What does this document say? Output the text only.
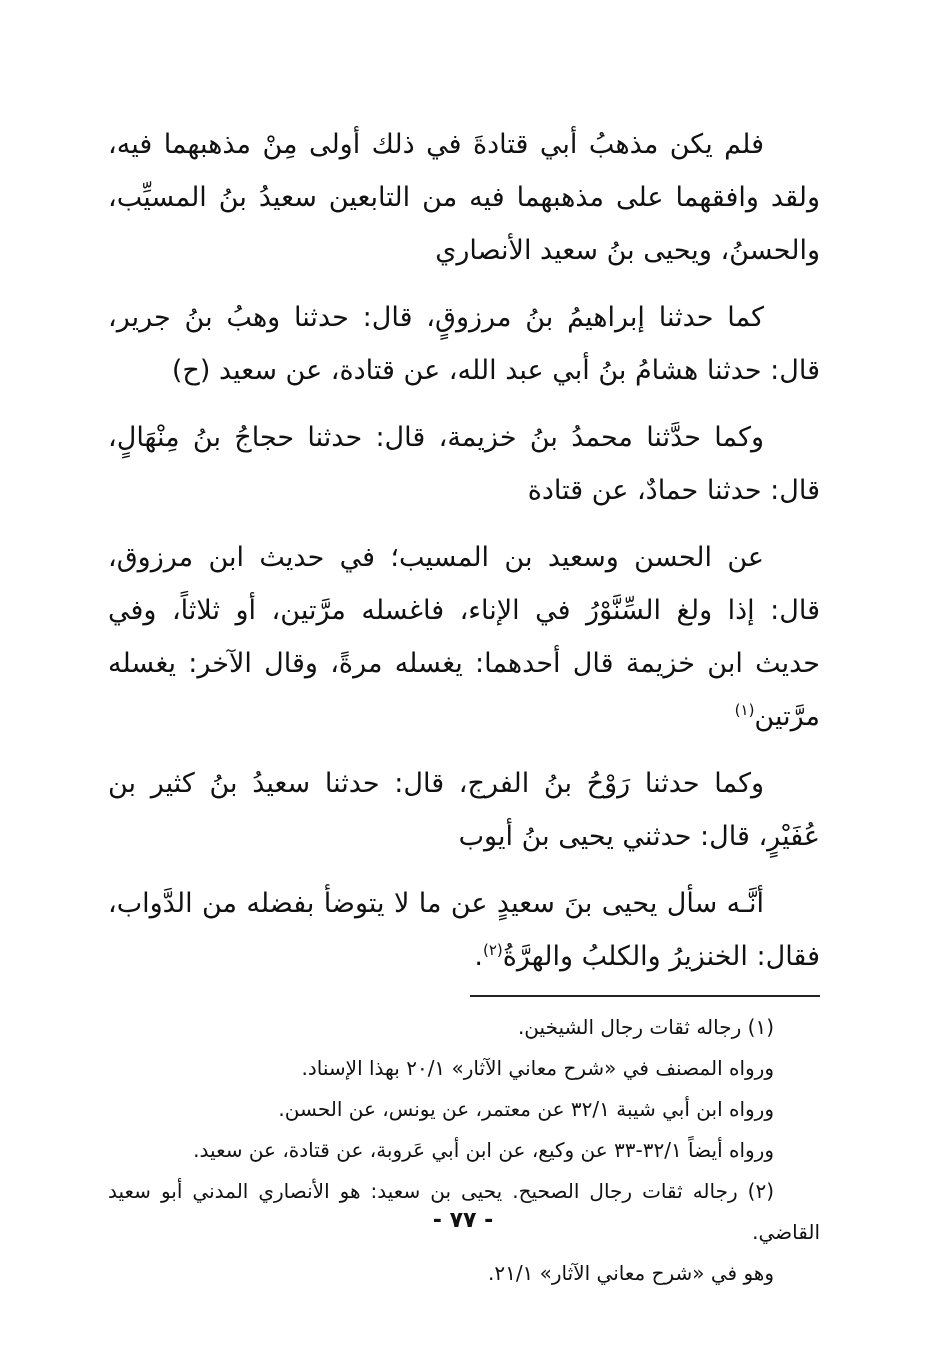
فلم يكن مذهبُ أبي قتادةَ في ذلك أولى مِنْ مذهبهما فيه، ولقد وافقهما على مذهبهما فيه من التابعين سعيدُ بنُ المسيِّب، والحسنُ، ويحيى بنُ سعيد الأنصاري

كما حدثنا إبراهيمُ بنُ مرزوقٍ، قال: حدثنا وهبُ بنُ جرير، قال: حدثنا هشامُ بنُ أبي عبد الله، عن قتادة، عن سعيد (ح)

وكما حدَّثنا محمدُ بنُ خزيمة، قال: حدثنا حجاجُ بنُ مِنْهَالٍ، قال: حدثنا حمادٌ، عن قتادة

عن الحسن وسعيد بن المسيب؛ في حديث ابن مرزوق، قال: إذا ولغ السِّنَّوْرُ في الإناء، فاغسله مرَّتين، أو ثلاثاً، وفي حديث ابن خزيمة قال أحدهما: يغسله مرةً، وقال الآخر: يغسله مرَّتين$^{(١)}$

وكما حدثنا رَوْحُ بنُ الفرج، قال: حدثنا سعيدُ بنُ كثير بن عُفَيْرٍ، قال: حدثني يحيى بنُ أيوب

أنَّـه سأل يحيى بنَ سعيدٍ عن ما لا يتوضأ بفضله من الدَّواب، فقال: الخنزيرُ والكلبُ والهرَّةُ$^{(٢)}$.

(١) رجاله ثقات رجال الشيخين.

ورواه المصنف في «شرح معاني الآثار» ٢٠/١ بهذا الإسناد.

ورواه ابن أبي شيبة ٣٢/١ عن معتمر، عن يونس، عن الحسن.

ورواه أيضاً ٣٢/١-٣٣ عن وكيع، عن ابن أبي عَروبة، عن قتادة، عن سعيد.

(٢) رجاله ثقات رجال الصحيح. يحيى بن سعيد: هو الأنصاري المدني أبو سعيد القاضي.

وهو في «شرح معاني الآثار» ٢١/١.

- ٧٧ -
